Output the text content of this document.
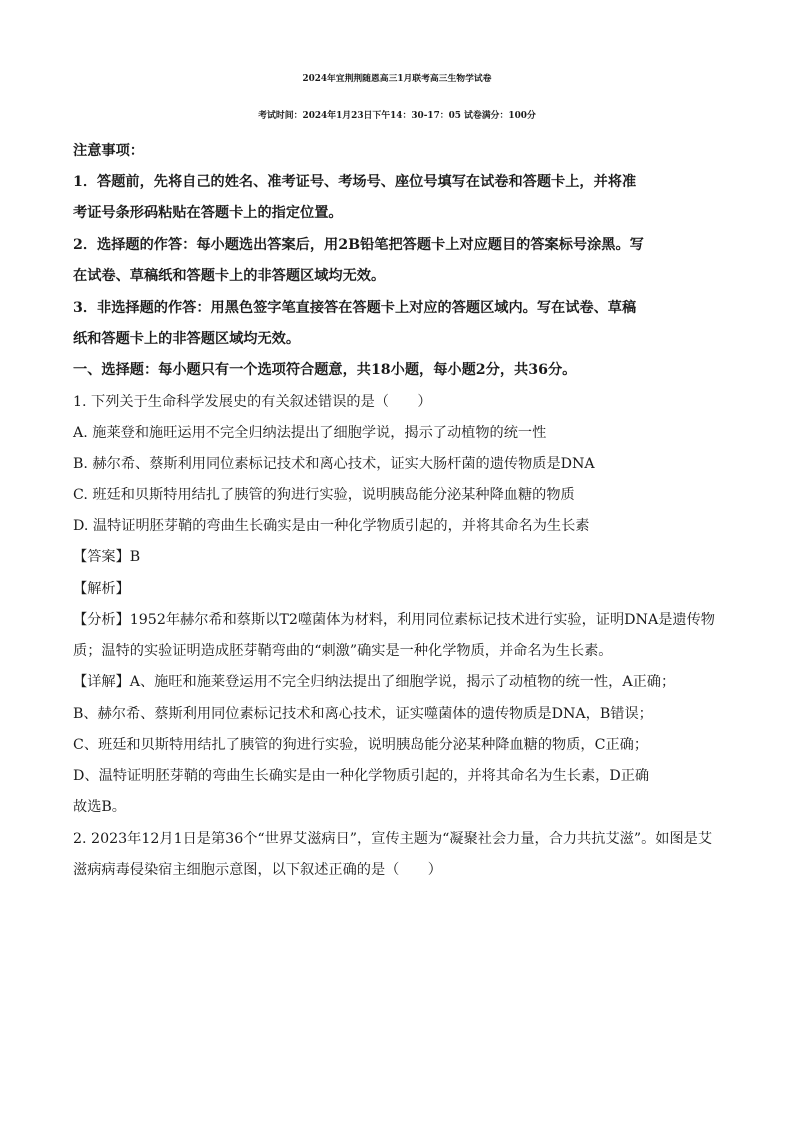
2024年宜荆荆随恩高三1月联考高三生物学试卷
考试时间：2024年1月23日下午14：30-17：05 试卷满分：100分
注意事项：
1．答题前，先将自己的姓名、准考证号、考场号、座位号填写在试卷和答题卡上，并将准
考证号条形码粘贴在答题卡上的指定位置。
2．选择题的作答：每小题选出答案后，用2B铅笔把答题卡上对应题目的答案标号涂黑。写
在试卷、草稿纸和答题卡上的非答题区域均无效。
3．非选择题的作答：用黑色签字笔直接答在答题卡上对应的答题区域内。写在试卷、草稿
纸和答题卡上的非答题区域均无效。
一、选择题：每小题只有一个选项符合题意，共18小题，每小题2分，共36分。
1. 下列关于生命科学发展史的有关叙述错误的是（　　）
A. 施莱登和施旺运用不完全归纳法提出了细胞学说，揭示了动植物的统一性
B. 赫尔希、蔡斯利用同位素标记技术和离心技术，证实大肠杆菌的遗传物质是DNA
C. 班廷和贝斯特用结扎了胰管的狗进行实验，说明胰岛能分泌某种降血糖的物质
D. 温特证明胚芽鞘的弯曲生长确实是由一种化学物质引起的，并将其命名为生长素
【答案】B
【解析】
【分析】1952年赫尔希和蔡斯以T2噬菌体为材料，利用同位素标记技术进行实验，证明DNA是遗传物
质；温特的实验证明造成胚芽鞘弯曲的“刺激”确实是一种化学物质，并命名为生长素。
【详解】A、施旺和施莱登运用不完全归纳法提出了细胞学说，揭示了动植物的统一性，A正确；
B、赫尔希、蔡斯利用同位素标记技术和离心技术，证实噬菌体的遗传物质是DNA，B错误；
C、班廷和贝斯特用结扎了胰管的狗进行实验，说明胰岛能分泌某种降血糖的物质，C正确；
D、温特证明胚芽鞘的弯曲生长确实是由一种化学物质引起的，并将其命名为生长素，D正确
故选B。
2. 2023年12月1日是第36个“世界艾滋病日”，宣传主题为“凝聚社会力量，合力共抗艾滋”。如图是艾
滋病病毒侵染宿主细胞示意图，以下叙述正确的是（　　）
